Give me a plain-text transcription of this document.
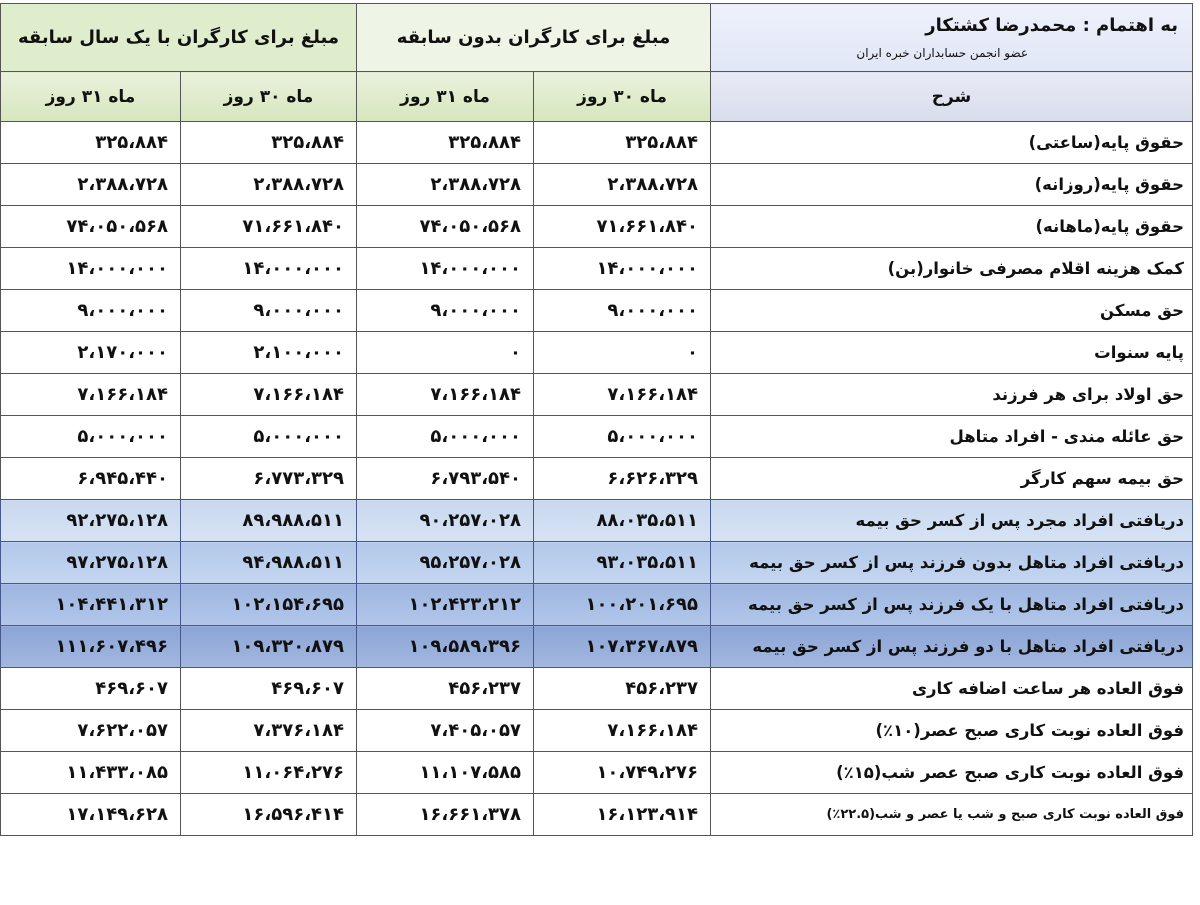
به اهتمام : محمدرضا کشتکار
عضو انجمن حسابداران خبره ایران	مبلغ برای کارگران بدون سابقه		مبلغ برای کارگران با یک سال سابقه	
شرح	ماه ۳۰ روز	ماه ۳۱ روز	ماه ۳۰ روز	ماه ۳۱ روز
حقوق پایه(ساعتی)	۳۲۵،۸۸۴	۳۲۵،۸۸۴	۳۲۵،۸۸۴	۳۲۵،۸۸۴
حقوق پایه(روزانه)	۲،۳۸۸،۷۲۸	۲،۳۸۸،۷۲۸	۲،۳۸۸،۷۲۸	۲،۳۸۸،۷۲۸
حقوق پایه(ماهانه)	۷۱،۶۶۱،۸۴۰	۷۴،۰۵۰،۵۶۸	۷۱،۶۶۱،۸۴۰	۷۴،۰۵۰،۵۶۸
کمک هزینه اقلام مصرفی خانوار(بن)	۱۴،۰۰۰،۰۰۰	۱۴،۰۰۰،۰۰۰	۱۴،۰۰۰،۰۰۰	۱۴،۰۰۰،۰۰۰
حق مسکن	۹،۰۰۰،۰۰۰	۹،۰۰۰،۰۰۰	۹،۰۰۰،۰۰۰	۹،۰۰۰،۰۰۰
پایه سنوات	۰	۰	۲،۱۰۰،۰۰۰	۲،۱۷۰،۰۰۰
حق اولاد برای هر فرزند	۷،۱۶۶،۱۸۴	۷،۱۶۶،۱۸۴	۷،۱۶۶،۱۸۴	۷،۱۶۶،۱۸۴
حق عائله مندی - افراد متاهل	۵،۰۰۰،۰۰۰	۵،۰۰۰،۰۰۰	۵،۰۰۰،۰۰۰	۵،۰۰۰،۰۰۰
حق بیمه سهم کارگر	۶،۶۲۶،۳۲۹	۶،۷۹۳،۵۴۰	۶،۷۷۳،۳۲۹	۶،۹۴۵،۴۴۰
دریافتی افراد مجرد پس از کسر حق بیمه	۸۸،۰۳۵،۵۱۱	۹۰،۲۵۷،۰۲۸	۸۹،۹۸۸،۵۱۱	۹۲،۲۷۵،۱۲۸
دریافتی افراد متاهل بدون فرزند پس از کسر حق بیمه	۹۳،۰۳۵،۵۱۱	۹۵،۲۵۷،۰۲۸	۹۴،۹۸۸،۵۱۱	۹۷،۲۷۵،۱۲۸
دریافتی افراد متاهل با یک فرزند پس از کسر حق بیمه	۱۰۰،۲۰۱،۶۹۵	۱۰۲،۴۲۳،۲۱۲	۱۰۲،۱۵۴،۶۹۵	۱۰۴،۴۴۱،۳۱۲
دریافتی افراد متاهل با دو فرزند پس از کسر حق بیمه	۱۰۷،۳۶۷،۸۷۹	۱۰۹،۵۸۹،۳۹۶	۱۰۹،۳۲۰،۸۷۹	۱۱۱،۶۰۷،۴۹۶
فوق العاده هر ساعت اضافه کاری	۴۵۶،۲۳۷	۴۵۶،۲۳۷	۴۶۹،۶۰۷	۴۶۹،۶۰۷
فوق العاده نوبت کاری صبح عصر(۱۰٪)	۷،۱۶۶،۱۸۴	۷،۴۰۵،۰۵۷	۷،۳۷۶،۱۸۴	۷،۶۲۲،۰۵۷
فوق العاده نوبت کاری صبح عصر شب(۱۵٪)	۱۰،۷۴۹،۲۷۶	۱۱،۱۰۷،۵۸۵	۱۱،۰۶۴،۲۷۶	۱۱،۴۳۳،۰۸۵
فوق العاده نوبت کاری صبح و شب یا عصر و شب(۲۲.۵٪)	۱۶،۱۲۳،۹۱۴	۱۶،۶۶۱،۳۷۸	۱۶،۵۹۶،۴۱۴	۱۷،۱۴۹،۶۲۸
